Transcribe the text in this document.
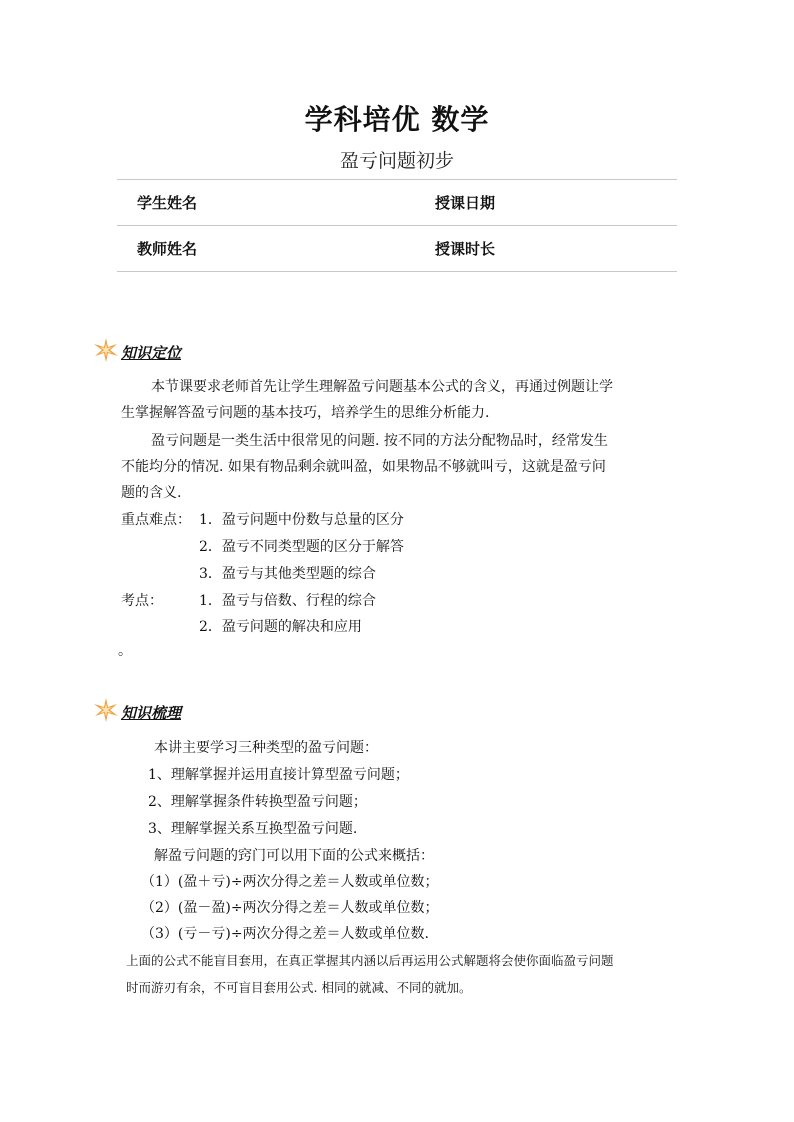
学科培优 数学
盈亏问题初步
学生姓名	授课日期
教师姓名	授课时长
知识定位
本节课要求老师首先让学生理解盈亏问题基本公式的含义，再通过例题让学
生掌握解答盈亏问题的基本技巧，培养学生的思维分析能力.
盈亏问题是一类生活中很常见的问题. 按不同的方法分配物品时，经常发生
不能均分的情况. 如果有物品剩余就叫盈，如果物品不够就叫亏，这就是盈亏问
题的含义.
重点难点： 1．盈亏问题中份数与总量的区分
2．盈亏不同类型题的区分于解答
3．盈亏与其他类型题的综合
考点：	1．盈亏与倍数、行程的综合
2．盈亏问题的解决和应用
。
知识梳理
本讲主要学习三种类型的盈亏问题：
1、理解掌握并运用直接计算型盈亏问题；
2、理解掌握条件转换型盈亏问题；
3、理解掌握关系互换型盈亏问题.
解盈亏问题的窍门可以用下面的公式来概括：
（1）(盈＋亏)÷两次分得之差＝人数或单位数；
（2）(盈－盈)÷两次分得之差＝人数或单位数；
（3）(亏－亏)÷两次分得之差＝人数或单位数.
上面的公式不能盲目套用，在真正掌握其内涵以后再运用公式解题将会使你面临盈亏问题
时而游刃有余，不可盲目套用公式. 相同的就减、不同的就加。
